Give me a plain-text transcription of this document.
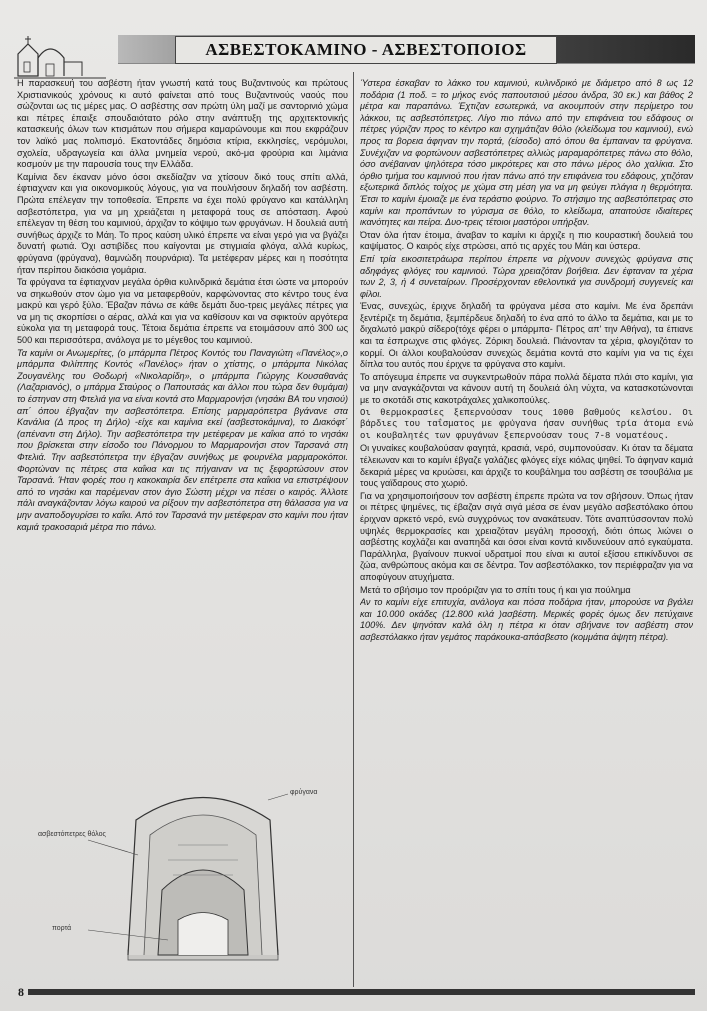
ΑΣΒΕΣΤΟΚΑΜΙΝΟ - ΑΣΒΕΣΤΟΠΟΙΟΣ

Η παρασκευή του ασβέστη ήταν γνωστή κατά τους Βυζαντινούς και πρώτους Χριστιανικούς χρόνους κι αυτό φαίνεται από τους Βυζαντινούς ναούς που σώζονται ως τις μέρες μας. Ο ασβέστης σαν πρώτη ύλη μαζί με σαντορινιό χώμα και πέτρες έπαιξε σπουδαιότατο ρόλο στην ανάπτυξη της αρχιτεκτονικής κατασκευής όλων των κτισμάτων που σήμερα καμαρώνουμε και που εκφράζουν τον λαϊκό μας πολιτισμό. Εκατοντάδες δημόσια κτίρια, εκκλησίες, νερόμυλοι, σχολεία, υδραγωγεία και άλλα μνημεία νερού, ακό-μα φρούρια και λιμάνια κοσμούν με την παρουσία τους την Ελλάδα.

Καμίνια δεν έκαναν μόνο όσοι σκεδίαζαν να χτίσουν δικό τους σπίτι αλλά, έφτιαχναν και για οικονομικούς λόγους, για να πουλήσουν δηλαδή τον ασβέστη. Πρώτα επέλεγαν την τοποθεσία. Έπρεπε να έχει πολύ φρύγανο και κατάλληλη ασβεστόπετρα, για να μη χρειάζεται η μεταφορά τους σε απόσταση. Αφού επέλεγαν τη θέση του καμινιού, άρχιζαν το κόψιμο των φρυγάνων. Η δουλειά αυτή συνήθως άρχιζε το Μάη. Το προς καύση υλικό έπρεπε να είναι γερό για να βγάζει δυνατή φωτιά. Όχι αστιβίδες που καίγονται με στιγμιαία φλόγα, αλλά κυρίως, φρύγανα (φρύγανα), θαμνώδη πουρνάρια). Τα μετέφεραν μέρες και η ποσότητα ήταν περίπου διακόσια γομάρια.

Τα φρύγανα τα έφτιαχναν μεγάλα όρθια κυλινδρικά δεμάτια έτσι ώστε να μπορούν να σηκωθούν στον ώμο για να μεταφερθούν, καρφώνοντας στο κέντρο τους ένα μακρύ και γερό ξύλο. Έβαζαν πάνω σε κάθε δεμάτι δυο-τρεις μεγάλες πέτρες για να μη τις σκορπίσει ο αέρας, αλλά και για να καθίσουν και να σφικτούν αργότερα εύκολα για τη μεταφορά τους. Τέτοια δεμάτια έπρεπε να ετοιμάσουν από 300 ως 500 και περισσότερα, ανάλογα με το μέγεθος του καμινιού.

Τα καμίνι οι Ανωμερίτες, (ο μπάρμπα Πέτρος Κοντός του Παναγιώτη «Πανέλος»,ο μπάρμπα Φιλίππης Κοντός «Πανέλος» ήταν ο χτίστης, ο μπάρμπα Νικόλας Ζουγανέλης του Θοδωρή «Νικολαρίδη», ο μπάρμπα Γιώργης Κουσαθανάς (Λαζαριανός), ο μπάρμα Σταύρος ο Παπουτσάς και άλλοι που τώρα δεν θυμάμαι) το έστηναν στη Φτελιά για να είναι κοντά στο Μαρμαρονήσι (νησάκι ΒΑ του νησιού) απ΄ όπου έβγαζαν την ασβεστόπετρα. Επίσης μαρμαρόπετρα βγάνανε στα Κανάλια (Δ προς τη Δήλο) -είχε και καμίνια εκεί (ασβεστοκάμινα), το Διακόφτ΄ (απέναντι στη Δήλο). Την ασβεστόπετρα την μετέφεραν με καΐκια από το νησάκι που βρίσκεται στην είσοδο του Πάνορμου το Μαρμαρονήσι στον Ταρσανά στη Φτελιά. Την ασβεστόπετρα την έβγαζαν συνήθως με φουρνέλα μαρμαροκόποι. Φορτώναν τις πέτρες στα καΐκια και τις πήγαιναν να τις ξεφορτώσουν στον Ταρσανά. Ήταν φορές που η κακοκαιρία δεν επέτρεπε στα καΐκια να επιστρέψουν από το νησάκι και παρέμεναν στον άγιο Σώστη μέχρι να πέσει ο καιρός. Άλλοτε πάλι αναγκάζονταν λόγω καιρού να ρίξουν την ασβεστόπετρα στη θάλασσα για να μην αναποδογυρίσει το καΐκι. Από τον Ταρσανά την μετέφεραν στο καμίνι που ήταν καμιά τρακοσαριά μέτρα πιο πάνω.

Ύστερα έσκαβαν το λάκκο του καμινιού, κυλινδρικό με διάμετρο από 8 ως 12 ποδάρια (1 ποδ. = το μήκος ενός παπουτσιού μέσου άνδρα, 30 εκ.) και βάθος 2 μέτρα και παραπάνω. Έχτιζαν εσωτερικά, να ακουμπούν στην περίμετρο του λάκκου, τις ασβεστόπετρες. Λίγο πιο πάνω από την επιφάνεια του εδάφους οι πέτρες γύριζαν προς το κέντρο και σχημάτιζαν θόλο (κλείδωμα του καμινιού), ενώ προς τα βορεια άφηναν την πορτά, (είσοδο) από όπου θα έμπαιναν τα φρύγανα. Συνέχιζαν να φορτώνουν ασβεστόπετρες αλλιώς μαραμαρόπετρες πάνω στο θόλο, όσο ανέβαιναν ψηλότερα τόσο μικρότερες και στο πάνω μέρος όλο χαλίκια. Στο όρθιο τμήμα του καμινιού που ήταν πάνω από την επιφάνεια του εδάφους, χτιζόταν εξωτερικά διπλός τοίχος με χώμα στη μέση για να μη φεύγει πλάγια η θερμότητα. Έτσι το καμίνι έμοιαζε με ένα τεράστιο φούρνο. Το στήσιμο της ασβεστόπετρας στο καμίνι και προπάντων το γύρισμα σε θόλο, το κλείδωμα, απαιτούσε ιδιαίτερες ικανότητες και πείρα. Δυο-τρεις τέτοιοι μαστόροι υπήρξαν.

Όταν όλα ήταν έτοιμα, άναβαν το καμίνι κι άρχιζε η πιο κουραστική δουλειά του καψίματος. Ο καιρός είχε στρώσει, από τις αρχές του Μάη και ύστερα.

Επί τρία εικοσιτετράωρα περίπου έπρεπε να ρίχνουν συνεχώς φρύγανα στις αδηφάγες φλόγες του καμινιού. Τώρα χρειαζόταν βοήθεια. Δεν έφταναν τα χέρια των 2, 3, ή 4 συνεταίρων. Προσέρχονταν εθελοντικά για συνδρομή συγγενείς και φίλοι.

Ένας, συνεχώς, έριχνε δηλαδή τα φρύγανα μέσα στο καμίνι. Με ένα δρεπάνι ξεντέριζε τη δεμάτια, ξεμπέρδευε δηλαδή το ένα από το άλλο τα δεμάτια, και με το διχαλωτό μακρύ σίδερο(τόχε φέρει ο μπάρμπα- Πέτρος απ' την Αθήνα), τα έπιανε και τα έσπρωχνε στις φλόγες. Ζόρικη δουλειά. Πιάνονταν τα χέρια, φλογιζόταν το κορμί. Οι άλλοι κουβαλούσαν συνεχώς δεμάτια κοντά στο καμίνι για να τις έχει δίπλα του αυτός που έριχνε τα φρύγανα στο καμίνι.

Το απόγευμα έπρεπε να συγκεντρωθούν πάρα πολλά δέματα πλάι στο καμίνι, για να μην αναγκάζονται να κάνουν αυτή τη δουλειά όλη νύχτα, να κατασκοτώνονται με το σκοτάδι στις κακοτράχαλες χαλικοπούλες.

Οι θερμοκρασίες ξεπερνούσαν τους 1000 βαθμούς κελσίου. Οι βάρδιες του ταΐσματος με φρύγανα ήσαν συνήθως τρία άτομα ενώ οι κουβαλητές των φρυγάνων ξεπερνούσαν τους 7-8 νοματέους.

Οι γυναίκες κουβαλούσαν φαγητά, κρασιά, νερό, συμπονούσαν. Κι όταν τα δέματα τέλειωναν και το καμίνι έβγαζε γαλάζιες φλόγες είχε κιόλας ψηθεί. Το άφηναν καμιά δεκαριά μέρες να κρυώσει, και άρχιζε το κουβάλημα του ασβέστη σε τσουβάλια με τους γαϊδαρους στο χωριό.

Για να χρησιμοποιήσουν τον ασβέστη έπρεπε πρώτα να τον σβήσουν. Όπως ήταν οι πέτρες ψημένες, τις έβαζαν σιγά σιγά μέσα σε έναν μεγάλο ασβεστόλακο όπου έριχναν αρκετό νερό, ενώ συγχρόνως τον ανακάτευαν. Τότε αναπτύσσονταν πολύ υψηλές θερμοκρασίες και χρειαζόταν μεγάλη προσοχή, διότι όπως λιώνει ο ασβέστης κοχλάζει και αναπηδά και όσοι είναι κοντά κινδυνεύουν από εγκαύματα. Παράλληλα, βγαίνουν πυκνοί υδρατμοί που είναι κι αυτοί εξίσου επικίνδυνοι σε ζώα, ανθρώπους ακόμα και σε δέντρα. Τον ασβεστόλακκο, τον περιέφραζαν για να αποφύγουν ατυχήματα.

Μετά το σβήσιμο τον προόριζαν για το σπίτι τους ή και για πούλημα

Αν το καμίνι είχε επιτυχία, ανάλογα και πόσα ποδάρια ήταν, μπορούσε να βγάλει και 10.000 οκάδες (12.800 κιλά )ασβέστη. Μερικές φορές όμως δεν πετύχαινε 100%. Δεν ψηνόταν καλά όλη η πέτρα κι όταν σβήνανε τον ασβέστη στον ασβεστόλακκο ήταν γεμάτος παράκουκα-απάσβεστο (κομμάτια άψητη πέτρα).

φρύγανα
ασβεστόπετρες θόλος
πορτά
8
